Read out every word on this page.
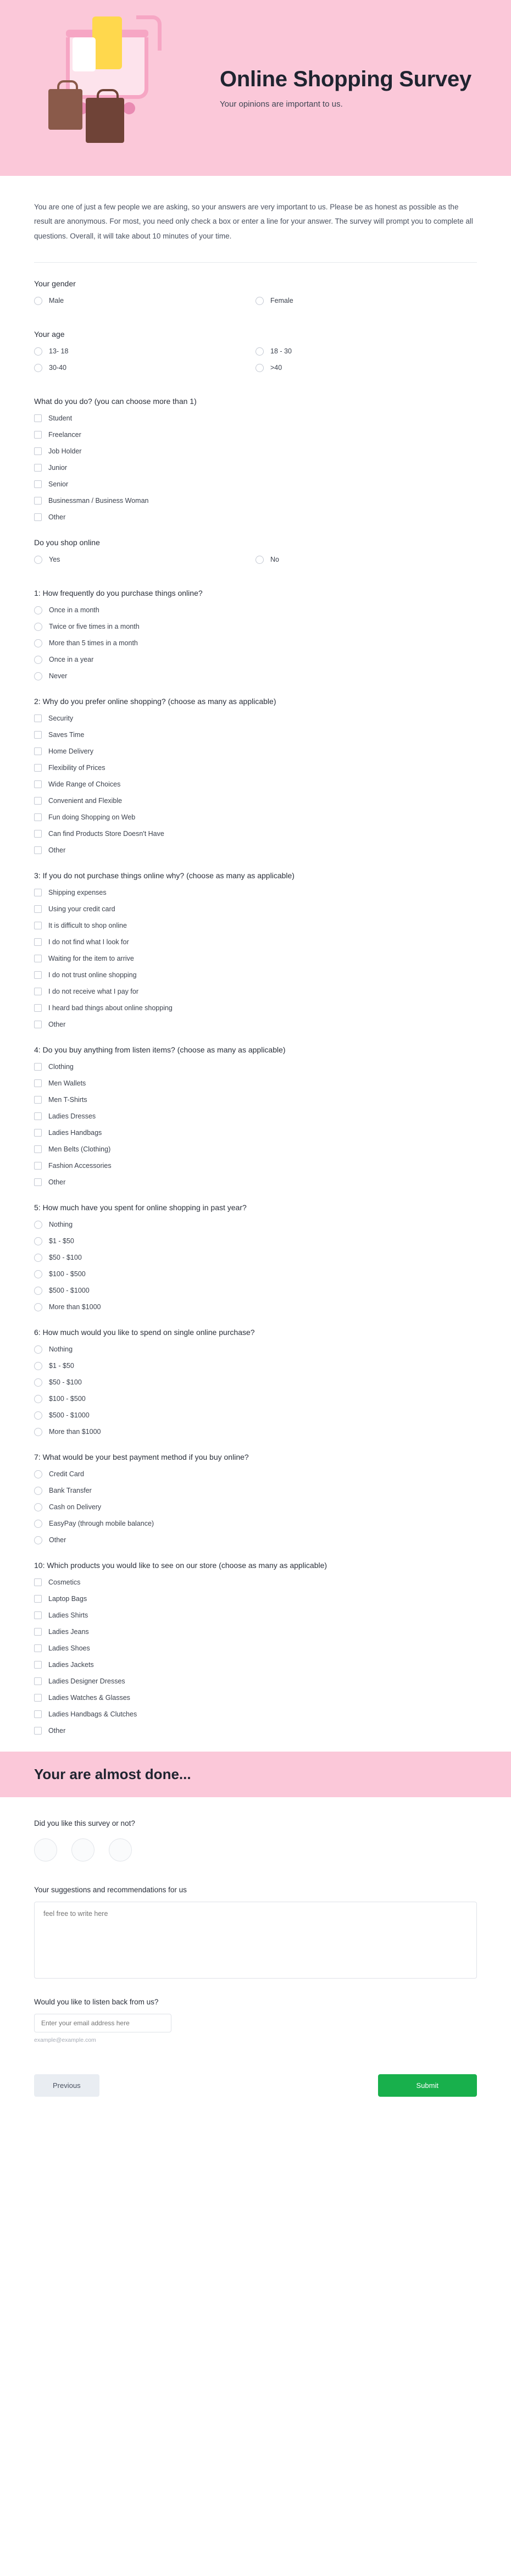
Online Shopping Survey

Your opinions are important to us.

You are one of just a few people we are asking, so your answers are very important to us. Please be as honest as possible as the result are anonymous. For most, you need only check a box or enter a line for your answer. The survey will prompt you to complete all questions. Overall, it will take about 10 minutes of your time.

Your gender

Male	Female

Your age

13- 18	18 - 30
30-40	>40

What do you do? (you can choose more than 1)

Student
Freelancer
Job Holder
Junior
Senior
Businessman / Business Woman
Other

Do you shop online

Yes	No

1: How frequently do you purchase things online?

Once in a month
Twice or five times in a month
More than 5 times in a month
Once in a year
Never

2: Why do you prefer online shopping? (choose as many as applicable)

Security
Saves Time
Home Delivery
Flexibility of Prices
Wide Range of Choices
Convenient and Flexible
Fun doing Shopping on Web
Can find Products Store Doesn't Have
Other

3: If you do not purchase things online why? (choose as many as applicable)

Shipping expenses
Using your credit card
It is difficult to shop online
I do not find what I look for
Waiting for the item to arrive
I do not trust online shopping
I do not receive what I pay for
I heard bad things about online shopping
Other

4: Do you buy anything from listen items? (choose as many as applicable)

Clothing
Men Wallets
Men T-Shirts
Ladies Dresses
Ladies Handbags
Men Belts (Clothing)
Fashion Accessories
Other

5: How much have you spent for online shopping in past year?

Nothing
$1 - $50
$50 - $100
$100 - $500
$500 - $1000
More than $1000

6: How much would you like to spend on single online purchase?

Nothing
$1 - $50
$50 - $100
$100 - $500
$500 - $1000
More than $1000

7: What would be your best payment method if you buy online?

Credit Card
Bank Transfer
Cash on Delivery
EasyPay (through mobile balance)
Other

10: Which products you would like to see on our store (choose as many as applicable)

Cosmetics
Laptop Bags
Ladies Shirts
Ladies Jeans
Ladies Shoes
Ladies Jackets
Ladies Designer Dresses
Ladies Watches & Glasses
Ladies Handbags & Clutches
Other
Your are almost done...

Did you like this survey or not?

Your suggestions and recommendations for us

feel free to write here

Would you like to listen back from us?

Enter your email address here
example@example.com
Previous	Submit
